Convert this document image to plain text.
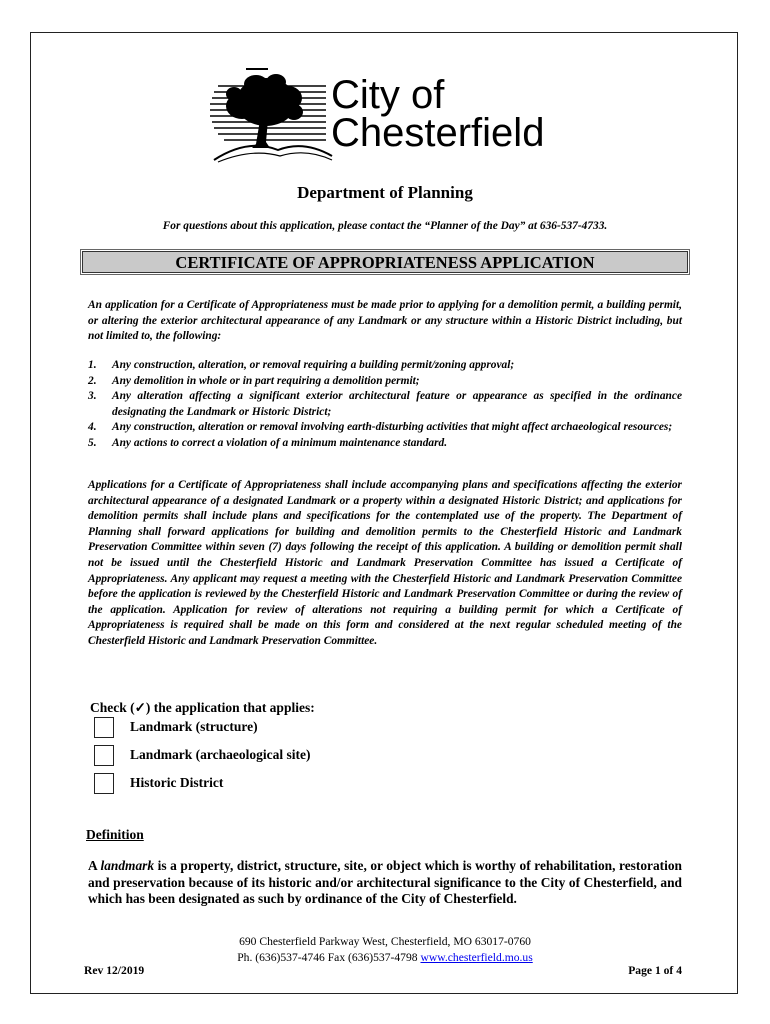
City of
Chesterfield
Department of Planning
For questions about this application, please contact the “Planner of the Day” at 636-537-4733.
CERTIFICATE OF APPROPRIATENESS APPLICATION
An application for a Certificate of Appropriateness must be made prior to applying for a demolition permit, a building permit, or altering the exterior architectural appearance of any Landmark or any structure within a Historic District including, but not limited to, the following:
1. Any construction, alteration, or removal requiring a building permit/zoning approval;
2. Any demolition in whole or in part requiring a demolition permit;
3. Any alteration affecting a significant exterior architectural feature or appearance as specified in the ordinance designating the Landmark or Historic District;
4. Any construction, alteration or removal involving earth-disturbing activities that might affect archaeological resources;
5. Any actions to correct a violation of a minimum maintenance standard.
Applications for a Certificate of Appropriateness shall include accompanying plans and specifications affecting the exterior architectural appearance of a designated Landmark or a property within a designated Historic District; and applications for demolition permits shall include plans and specifications for the contemplated use of the property. The Department of Planning shall forward applications for building and demolition permits to the Chesterfield Historic and Landmark Preservation Committee within seven (7) days following the receipt of this application. A building or demolition permit shall not be issued until the Chesterfield Historic and Landmark Preservation Committee has issued a Certificate of Appropriateness. Any applicant may request a meeting with the Chesterfield Historic and Landmark Preservation Committee before the application is reviewed by the Chesterfield Historic and Landmark Preservation Committee or during the review of the application. Application for review of alterations not requiring a building permit for which a Certificate of Appropriateness is required shall be made on this form and considered at the next regular scheduled meeting of the Chesterfield Historic and Landmark Preservation Committee.
Check (✓) the application that applies:
Landmark (structure)
Landmark (archaeological site)
Historic District
Definition
A landmark is a property, district, structure, site, or object which is worthy of rehabilitation, restoration and preservation because of its historic and/or architectural significance to the City of Chesterfield, and which has been designated as such by ordinance of the City of Chesterfield.
690 Chesterfield Parkway West, Chesterfield, MO 63017-0760
Ph. (636)537-4746 Fax (636)537-4798 www.chesterfield.mo.us
Rev 12/2019	Page 1 of 4
